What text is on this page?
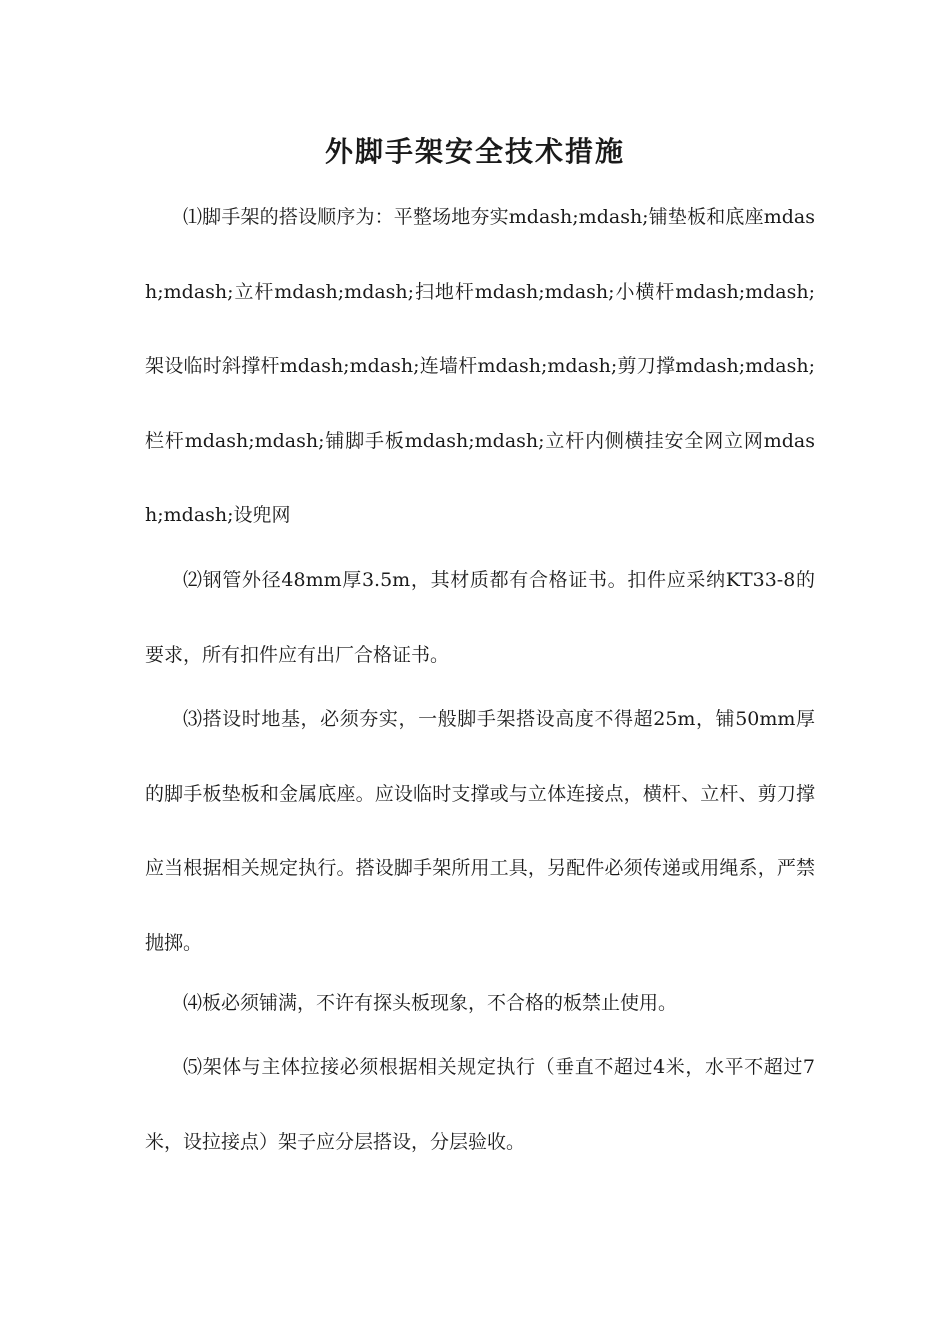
外脚手架安全技术措施

⑴脚手架的搭设顺序为：平整场地夯实mdash;mdash;铺垫板和底座mdash;mdash;立杆mdash;mdash;扫地杆mdash;mdash;小横杆mdash;mdash;架设临时斜撑杆mdash;mdash;连墙杆mdash;mdash;剪刀撑mdash;mdash;栏杆mdash;mdash;铺脚手板mdash;mdash;立杆内侧横挂安全网立网mdash;mdash;设兜网

⑵钢管外径48mm厚3.5m，其材质都有合格证书。扣件应采纳KT33-8的要求，所有扣件应有出厂合格证书。

⑶搭设时地基，必须夯实，一般脚手架搭设高度不得超25m，铺50mm厚的脚手板垫板和金属底座。应设临时支撑或与立体连接点，横杆、立杆、剪刀撑应当根据相关规定执行。搭设脚手架所用工具，另配件必须传递或用绳系，严禁抛掷。

⑷板必须铺满，不许有探头板现象，不合格的板禁止使用。

⑸架体与主体拉接必须根据相关规定执行（垂直不超过4米，水平不超过7米，设拉接点）架子应分层搭设，分层验收。
